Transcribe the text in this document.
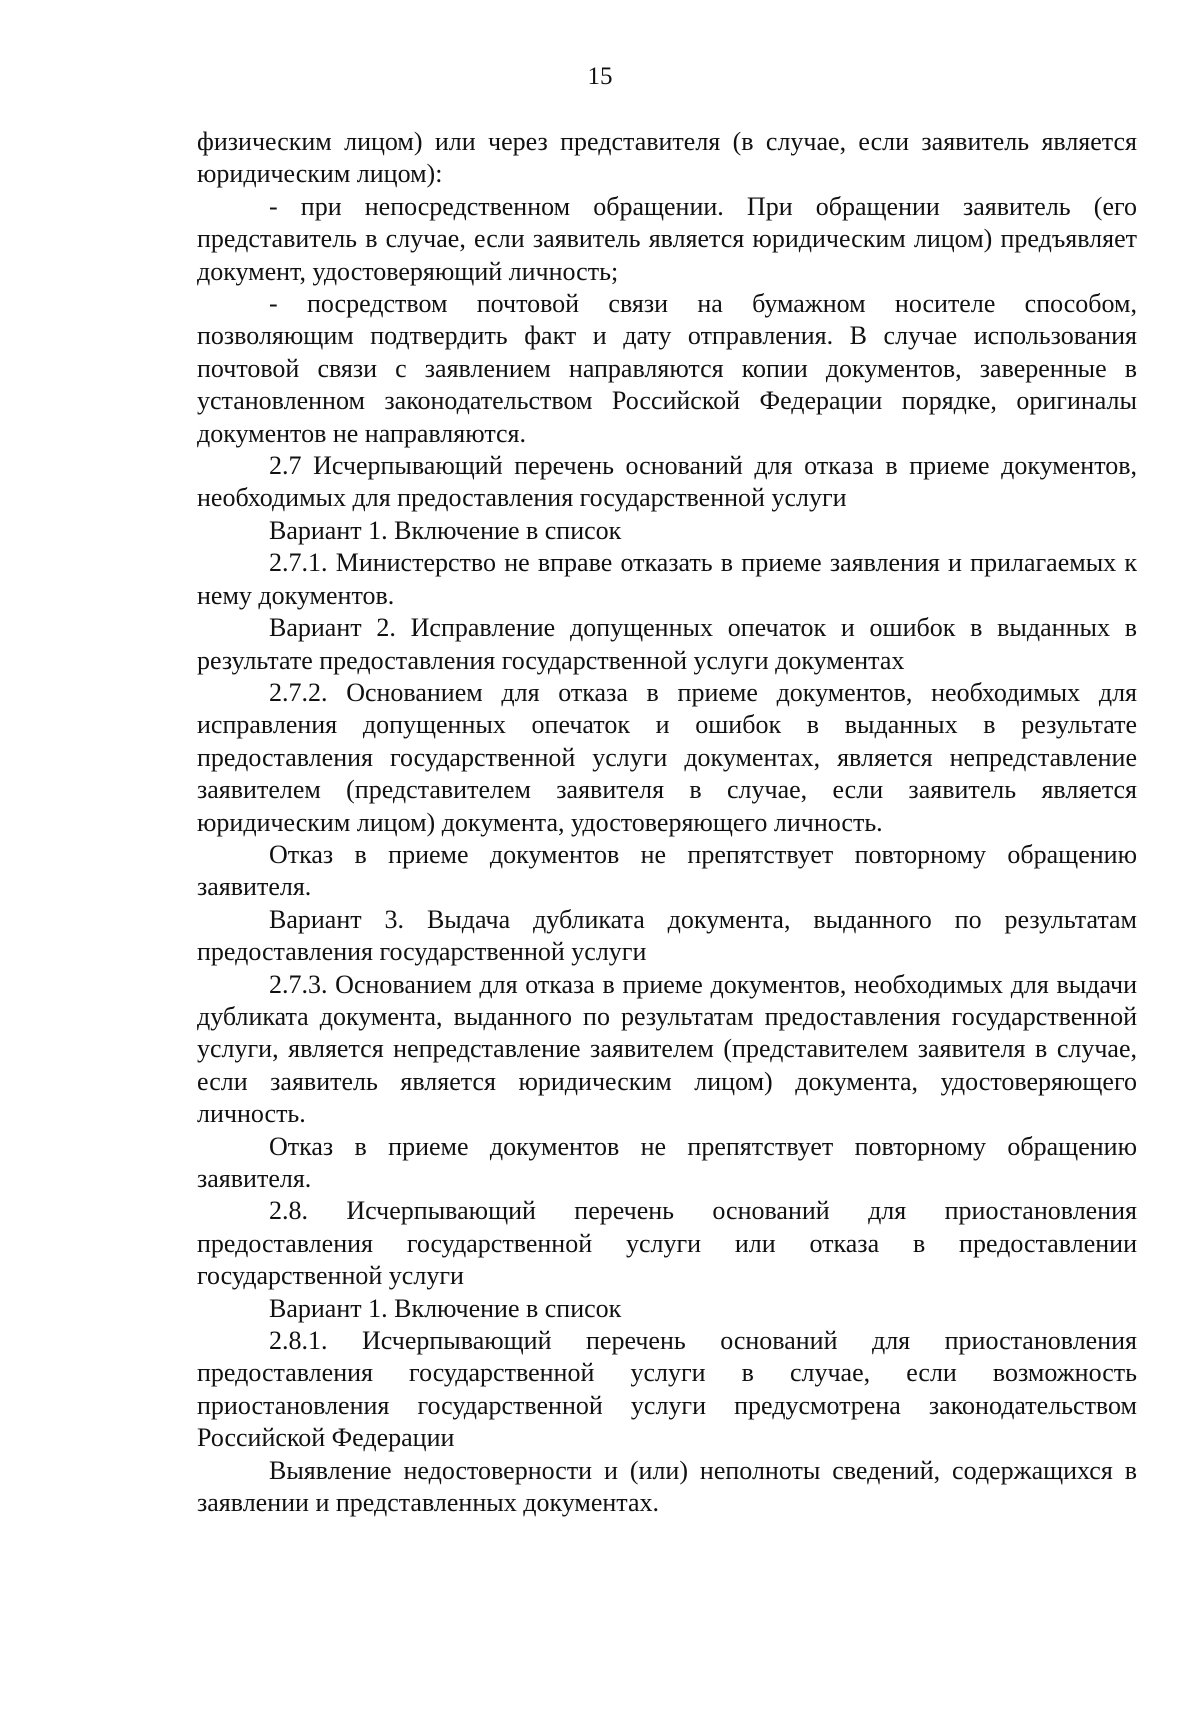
15

физическим лицом) или через представителя (в случае, если заявитель является юридическим лицом):

- при непосредственном обращении. При обращении заявитель (его представитель в случае, если заявитель является юридическим лицом) предъявляет документ, удостоверяющий личность;

- посредством почтовой связи на бумажном носителе способом, позволяющим подтвердить факт и дату отправления. В случае использования почтовой связи с заявлением направляются копии документов, заверенные в установленном законодательством Российской Федерации порядке, оригиналы документов не направляются.

2.7 Исчерпывающий перечень оснований для отказа в приеме документов, необходимых для предоставления государственной услуги

Вариант 1. Включение в список

2.7.1. Министерство не вправе отказать в приеме заявления и прилагаемых к нему документов.

Вариант 2. Исправление допущенных опечаток и ошибок в выданных в результате предоставления государственной услуги документах

2.7.2. Основанием для отказа в приеме документов, необходимых для исправления допущенных опечаток и ошибок в выданных в результате предоставления государственной услуги документах, является непредставление заявителем (представителем заявителя в случае, если заявитель является юридическим лицом) документа, удостоверяющего личность.

Отказ в приеме документов не препятствует повторному обращению заявителя.

Вариант 3. Выдача дубликата документа, выданного по результатам предоставления государственной услуги

2.7.3. Основанием для отказа в приеме документов, необходимых для выдачи дубликата документа, выданного по результатам предоставления государственной услуги, является непредставление заявителем (представителем заявителя в случае, если заявитель является юридическим лицом) документа, удостоверяющего личность.

Отказ в приеме документов не препятствует повторному обращению заявителя.

2.8. Исчерпывающий перечень оснований для приостановления предоставления государственной услуги или отказа в предоставлении государственной услуги

Вариант 1. Включение в список

2.8.1. Исчерпывающий перечень оснований для приостановления предоставления государственной услуги в случае, если возможность приостановления государственной услуги предусмотрена законодательством Российской Федерации

Выявление недостоверности и (или) неполноты сведений, содержащихся в заявлении и представленных документах.
